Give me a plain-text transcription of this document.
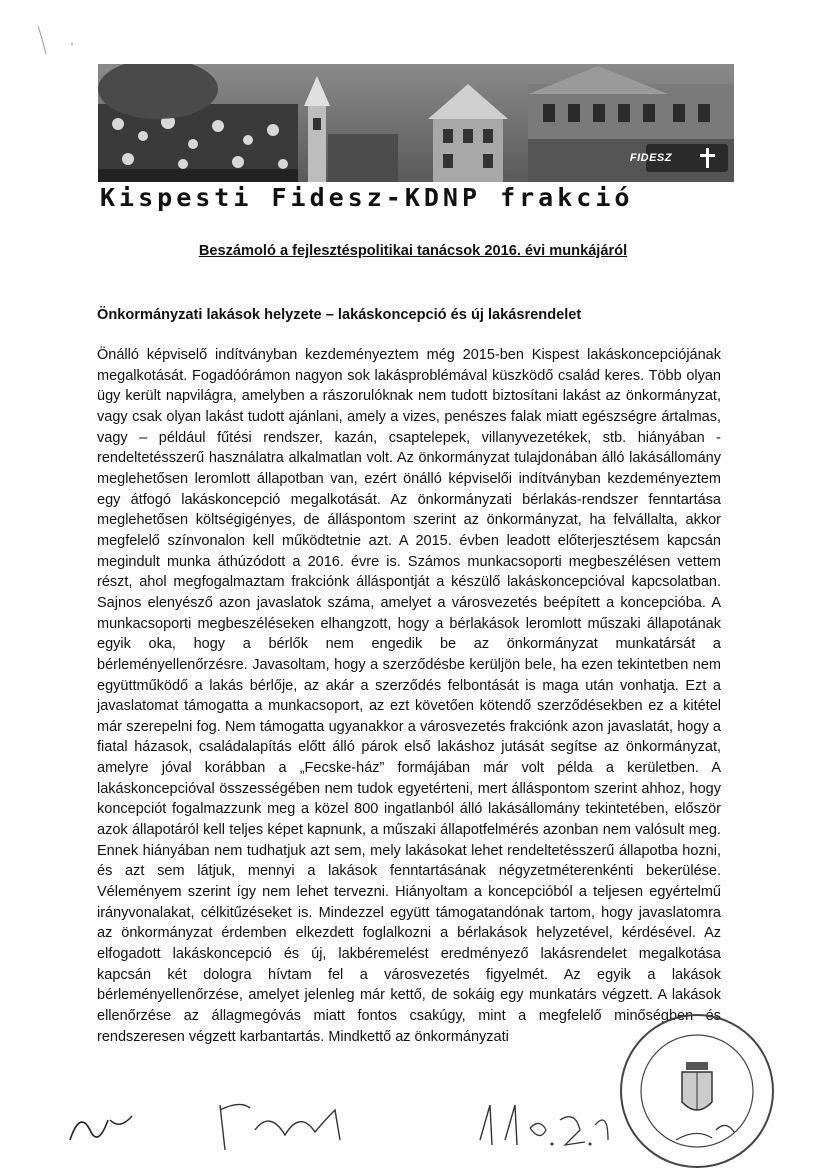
FIDESZ
Kispesti Fidesz-KDNP frakció
Beszámoló a fejlesztéspolitikai tanácsok 2016. évi munkájáról
Önkormányzati lakások helyzete – lakáskoncepció és új lakásrendelet
Önálló képviselő indítványban kezdeményeztem még 2015-ben Kispest lakáskoncepciójának megalkotását. Fogadóórámon nagyon sok lakásproblémával küszködő család keres. Több olyan ügy került napvilágra, amelyben a rászorulóknak nem tudott biztosítani lakást az önkormányzat, vagy csak olyan lakást tudott ajánlani, amely a vizes, penészes falak miatt egészségre ártalmas, vagy – például fűtési rendszer, kazán, csaptelepek, villanyvezetékek, stb. hiányában - rendeltetésszerű használatra alkalmatlan volt. Az önkormányzat tulajdonában álló lakásállomány meglehetősen leromlott állapotban van, ezért önálló képviselői indítványban kezdeményeztem egy átfogó lakáskoncepció megalkotását. Az önkormányzati bérlakás-rendszer fenntartása meglehetősen költségigényes, de álláspontom szerint az önkormányzat, ha felvállalta, akkor megfelelő színvonalon kell működtetnie azt. A 2015. évben leadott előterjesztésem kapcsán megindult munka áthúzódott a 2016. évre is. Számos munkacsoporti megbeszélésen vettem részt, ahol megfogalmaztam frakciónk álláspontját a készülő lakáskoncepcióval kapcsolatban. Sajnos elenyésző azon javaslatok száma, amelyet a városvezetés beépített a koncepcióba. A munkacsoporti megbeszéléseken elhangzott, hogy a bérlakások leromlott műszaki állapotának egyik oka, hogy a bérlők nem engedik be az önkormányzat munkatársát a bérleményellenőrzésre. Javasoltam, hogy a szerződésbe kerüljön bele, ha ezen tekintetben nem együttműködő a lakás bérlője, az akár a szerződés felbontását is maga után vonhatja. Ezt a javaslatomat támogatta a munkacsoport, az ezt követően kötendő szerződésekben ez a kitétel már szerepelni fog. Nem támogatta ugyanakkor a városvezetés frakciónk azon javaslatát, hogy a fiatal házasok, családalapítás előtt álló párok első lakáshoz jutását segítse az önkormányzat, amelyre jóval korábban a „Fecske-ház” formájában már volt példa a kerületben. A lakáskoncepcióval összességében nem tudok egyetérteni, mert álláspontom szerint ahhoz, hogy koncepciót fogalmazzunk meg a közel 800 ingatlanból álló lakásállomány tekintetében, először azok állapotáról kell teljes képet kapnunk, a műszaki állapotfelmérés azonban nem valósult meg. Ennek hiányában nem tudhatjuk azt sem, mely lakásokat lehet rendeltetésszerű állapotba hozni, és azt sem látjuk, mennyi a lakások fenntartásának négyzetméterenkénti bekerülése. Véleményem szerint így nem lehet tervezni. Hiányoltam a koncepcióból a teljesen egyértelmű irányvonalakat, célkitűzéseket is. Mindezzel együtt támogatandónak tartom, hogy javaslatomra az önkormányzat érdemben elkezdett foglalkozni a bérlakások helyzetével, kérdésével. Az elfogadott lakáskoncepció és új, lakbéremelést eredményező lakásrendelet megalkotása kapcsán két dologra hívtam fel a városvezetés figyelmét. Az egyik a lakások bérleményellenőrzése, amelyet jelenleg már kettő, de sokáig egy munkatárs végzett. A lakások ellenőrzése az állagmegóvás miatt fontos csakúgy, mint a megfelelő minőségben és rendszeresen végzett karbantartás. Mindkettő az önkormányzati
